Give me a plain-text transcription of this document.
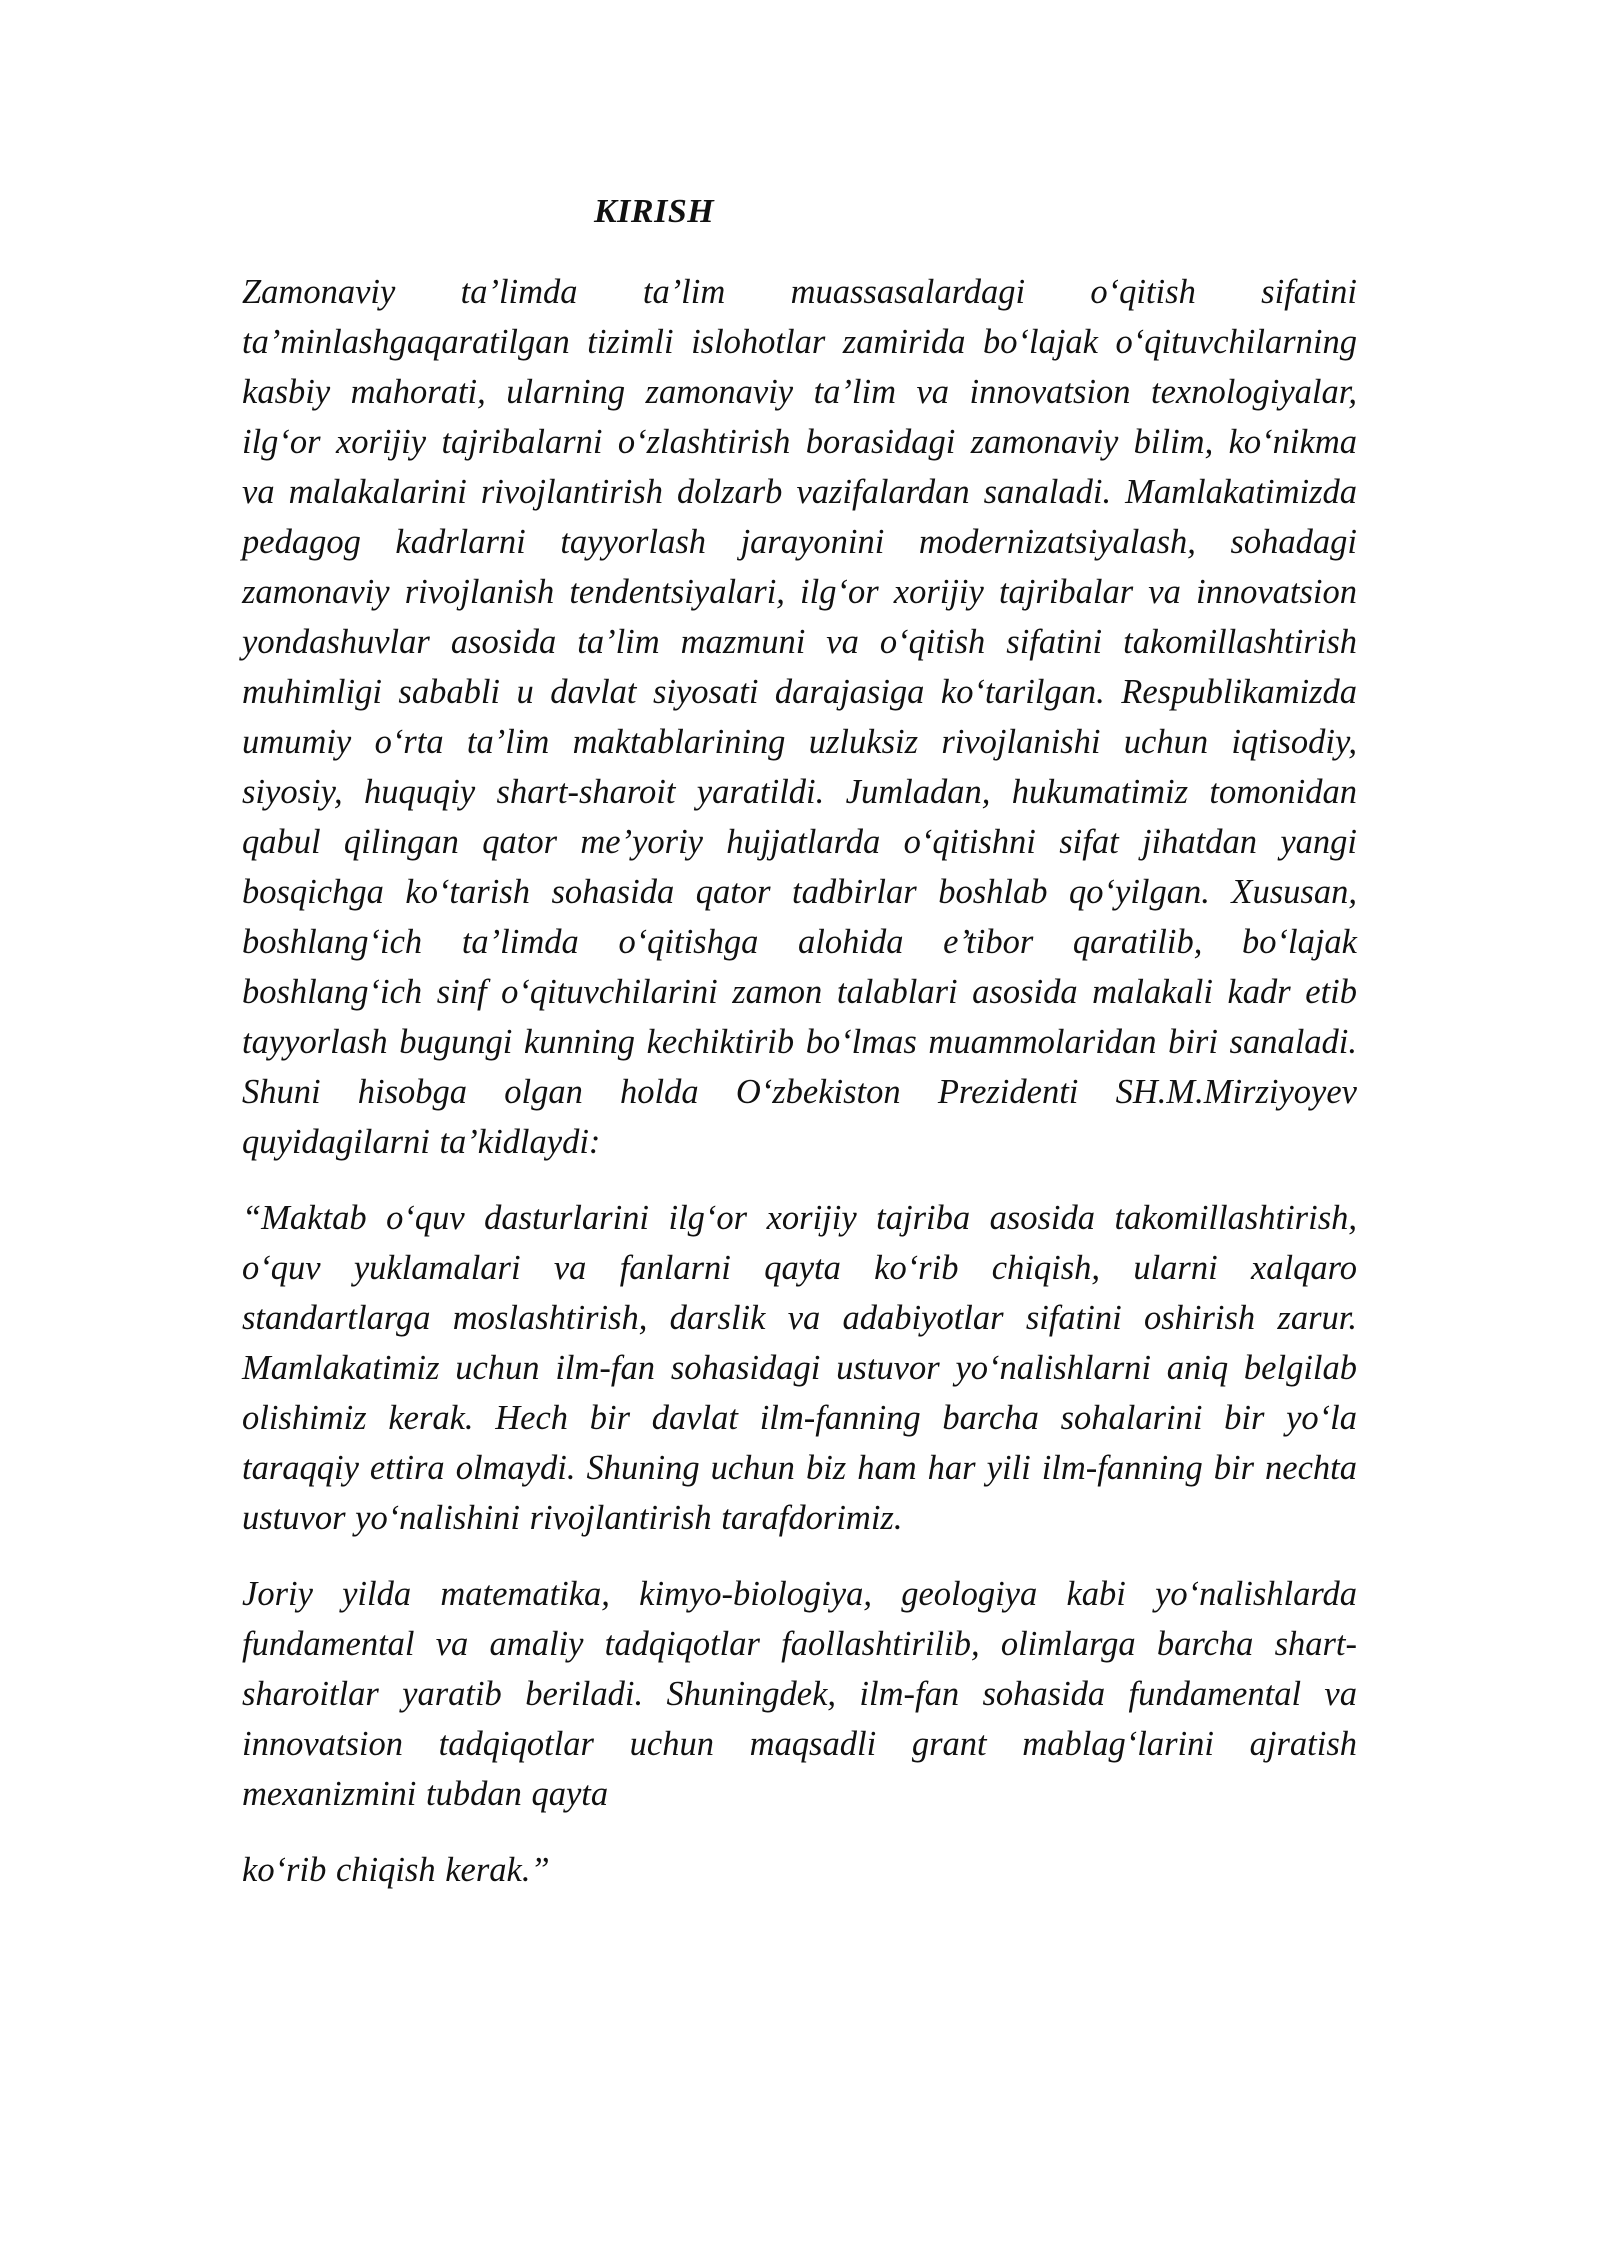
KIRISH

Zamonaviy ta’limda ta’lim muassasalardagi o‘qitish sifatini ta’minlashgaqaratilgan tizimli islohotlar zamirida bo‘lajak o‘qituvchilarning kasbiy mahorati, ularning zamonaviy ta’lim va innovatsion texnologiyalar, ilg‘or xorijiy tajribalarni o‘zlashtirish borasidagi zamonaviy bilim, ko‘nikma va malakalarini rivojlantirish dolzarb vazifalardan sanaladi. Mamlakatimizda pedagog kadrlarni tayyorlash jarayonini modernizatsiyalash, sohadagi zamonaviy rivojlanish tendentsiyalari, ilg‘or xorijiy tajribalar va innovatsion yondashuvlar asosida ta’lim mazmuni va o‘qitish sifatini takomillashtirish muhimligi sababli u davlat siyosati darajasiga ko‘tarilgan. Respublikamizda umumiy o‘rta ta’lim maktablarining uzluksiz rivojlanishi uchun iqtisodiy, siyosiy, huquqiy shart-sharoit yaratildi. Jumladan, hukumatimiz tomonidan qabul qilingan qator me’yoriy hujjatlarda o‘qitishni sifat jihatdan yangi bosqichga ko‘tarish sohasida qator tadbirlar boshlab qo‘yilgan. Xususan, boshlang‘ich ta’limda o‘qitishga alohida e’tibor qaratilib, bo‘lajak boshlang‘ich sinf o‘qituvchilarini zamon talablari asosida malakali kadr etib tayyorlash bugungi kunning kechiktirib bo‘lmas muammolaridan biri sanaladi. Shuni hisobga olgan holda O‘zbekiston Prezidenti SH.M.Mirziyoyev quyidagilarni ta’kidlaydi:

“Maktab o‘quv dasturlarini ilg‘or xorijiy tajriba asosida takomillashtirish, o‘quv yuklamalari va fanlarni qayta ko‘rib chiqish, ularni xalqaro standartlarga moslashtirish, darslik va adabiyotlar sifatini oshirish zarur. Mamlakatimiz uchun ilm-fan sohasidagi ustuvor yo‘nalishlarni aniq belgilab olishimiz kerak. Hech bir davlat ilm-fanning barcha sohalarini bir yo‘la taraqqiy ettira olmaydi. Shuning uchun biz ham har yili ilm-fanning bir nechta ustuvor yo‘nalishini rivojlantirish tarafdorimiz.

Joriy yilda matematika, kimyo-biologiya, geologiya kabi yo‘nalishlarda fundamental va amaliy tadqiqotlar faollashtirilib, olimlarga barcha shart-sharoitlar yaratib beriladi. Shuningdek, ilm-fan sohasida fundamental va innovatsion tadqiqotlar uchun maqsadli grant mablag‘larini ajratish mexanizmini tubdan qayta

ko‘rib chiqish kerak.”
